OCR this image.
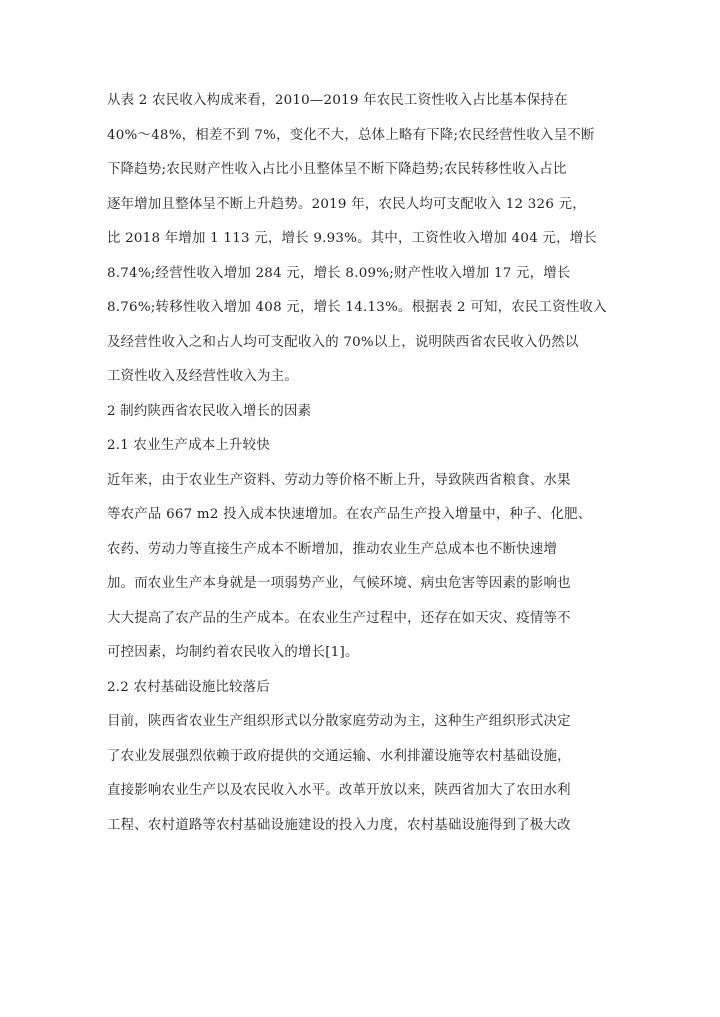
从表 2 农民收入构成来看，2010—2019 年农民工资性收入占比基本保持在
40%～48%，相差不到 7%，变化不大，总体上略有下降;农民经营性收入呈不断
下降趋势;农民财产性收入占比小且整体呈不断下降趋势;农民转移性收入占比
逐年增加且整体呈不断上升趋势。2019 年，农民人均可支配收入 12 326 元，
比 2018 年增加 1 113 元，增长 9.93%。其中，工资性收入增加 404 元，增长
8.74%;经营性收入增加 284 元，增长 8.09%;财产性收入增加 17 元，增长
8.76%;转移性收入增加 408 元，增长 14.13%。根据表 2 可知，农民工资性收入
及经营性收入之和占人均可支配收入的 70%以上，说明陕西省农民收入仍然以
工资性收入及经营性收入为主。
2 制约陕西省农民收入增长的因素
2.1 农业生产成本上升较快
近年来，由于农业生产资料、劳动力等价格不断上升，导致陕西省粮食、水果
等农产品 667 m2 投入成本快速增加。在农产品生产投入增量中，种子、化肥、
农药、劳动力等直接生产成本不断增加，推动农业生产总成本也不断快速增
加。而农业生产本身就是一项弱势产业，气候环境、病虫危害等因素的影响也
大大提高了农产品的生产成本。在农业生产过程中，还存在如天灾、疫情等不
可控因素，均制约着农民收入的增长[1]。
2.2 农村基础设施比较落后
目前，陕西省农业生产组织形式以分散家庭劳动为主，这种生产组织形式决定
了农业发展强烈依赖于政府提供的交通运输、水利排灌设施等农村基础设施，
直接影响农业生产以及农民收入水平。改革开放以来，陕西省加大了农田水利
工程、农村道路等农村基础设施建设的投入力度，农村基础设施得到了极大改
